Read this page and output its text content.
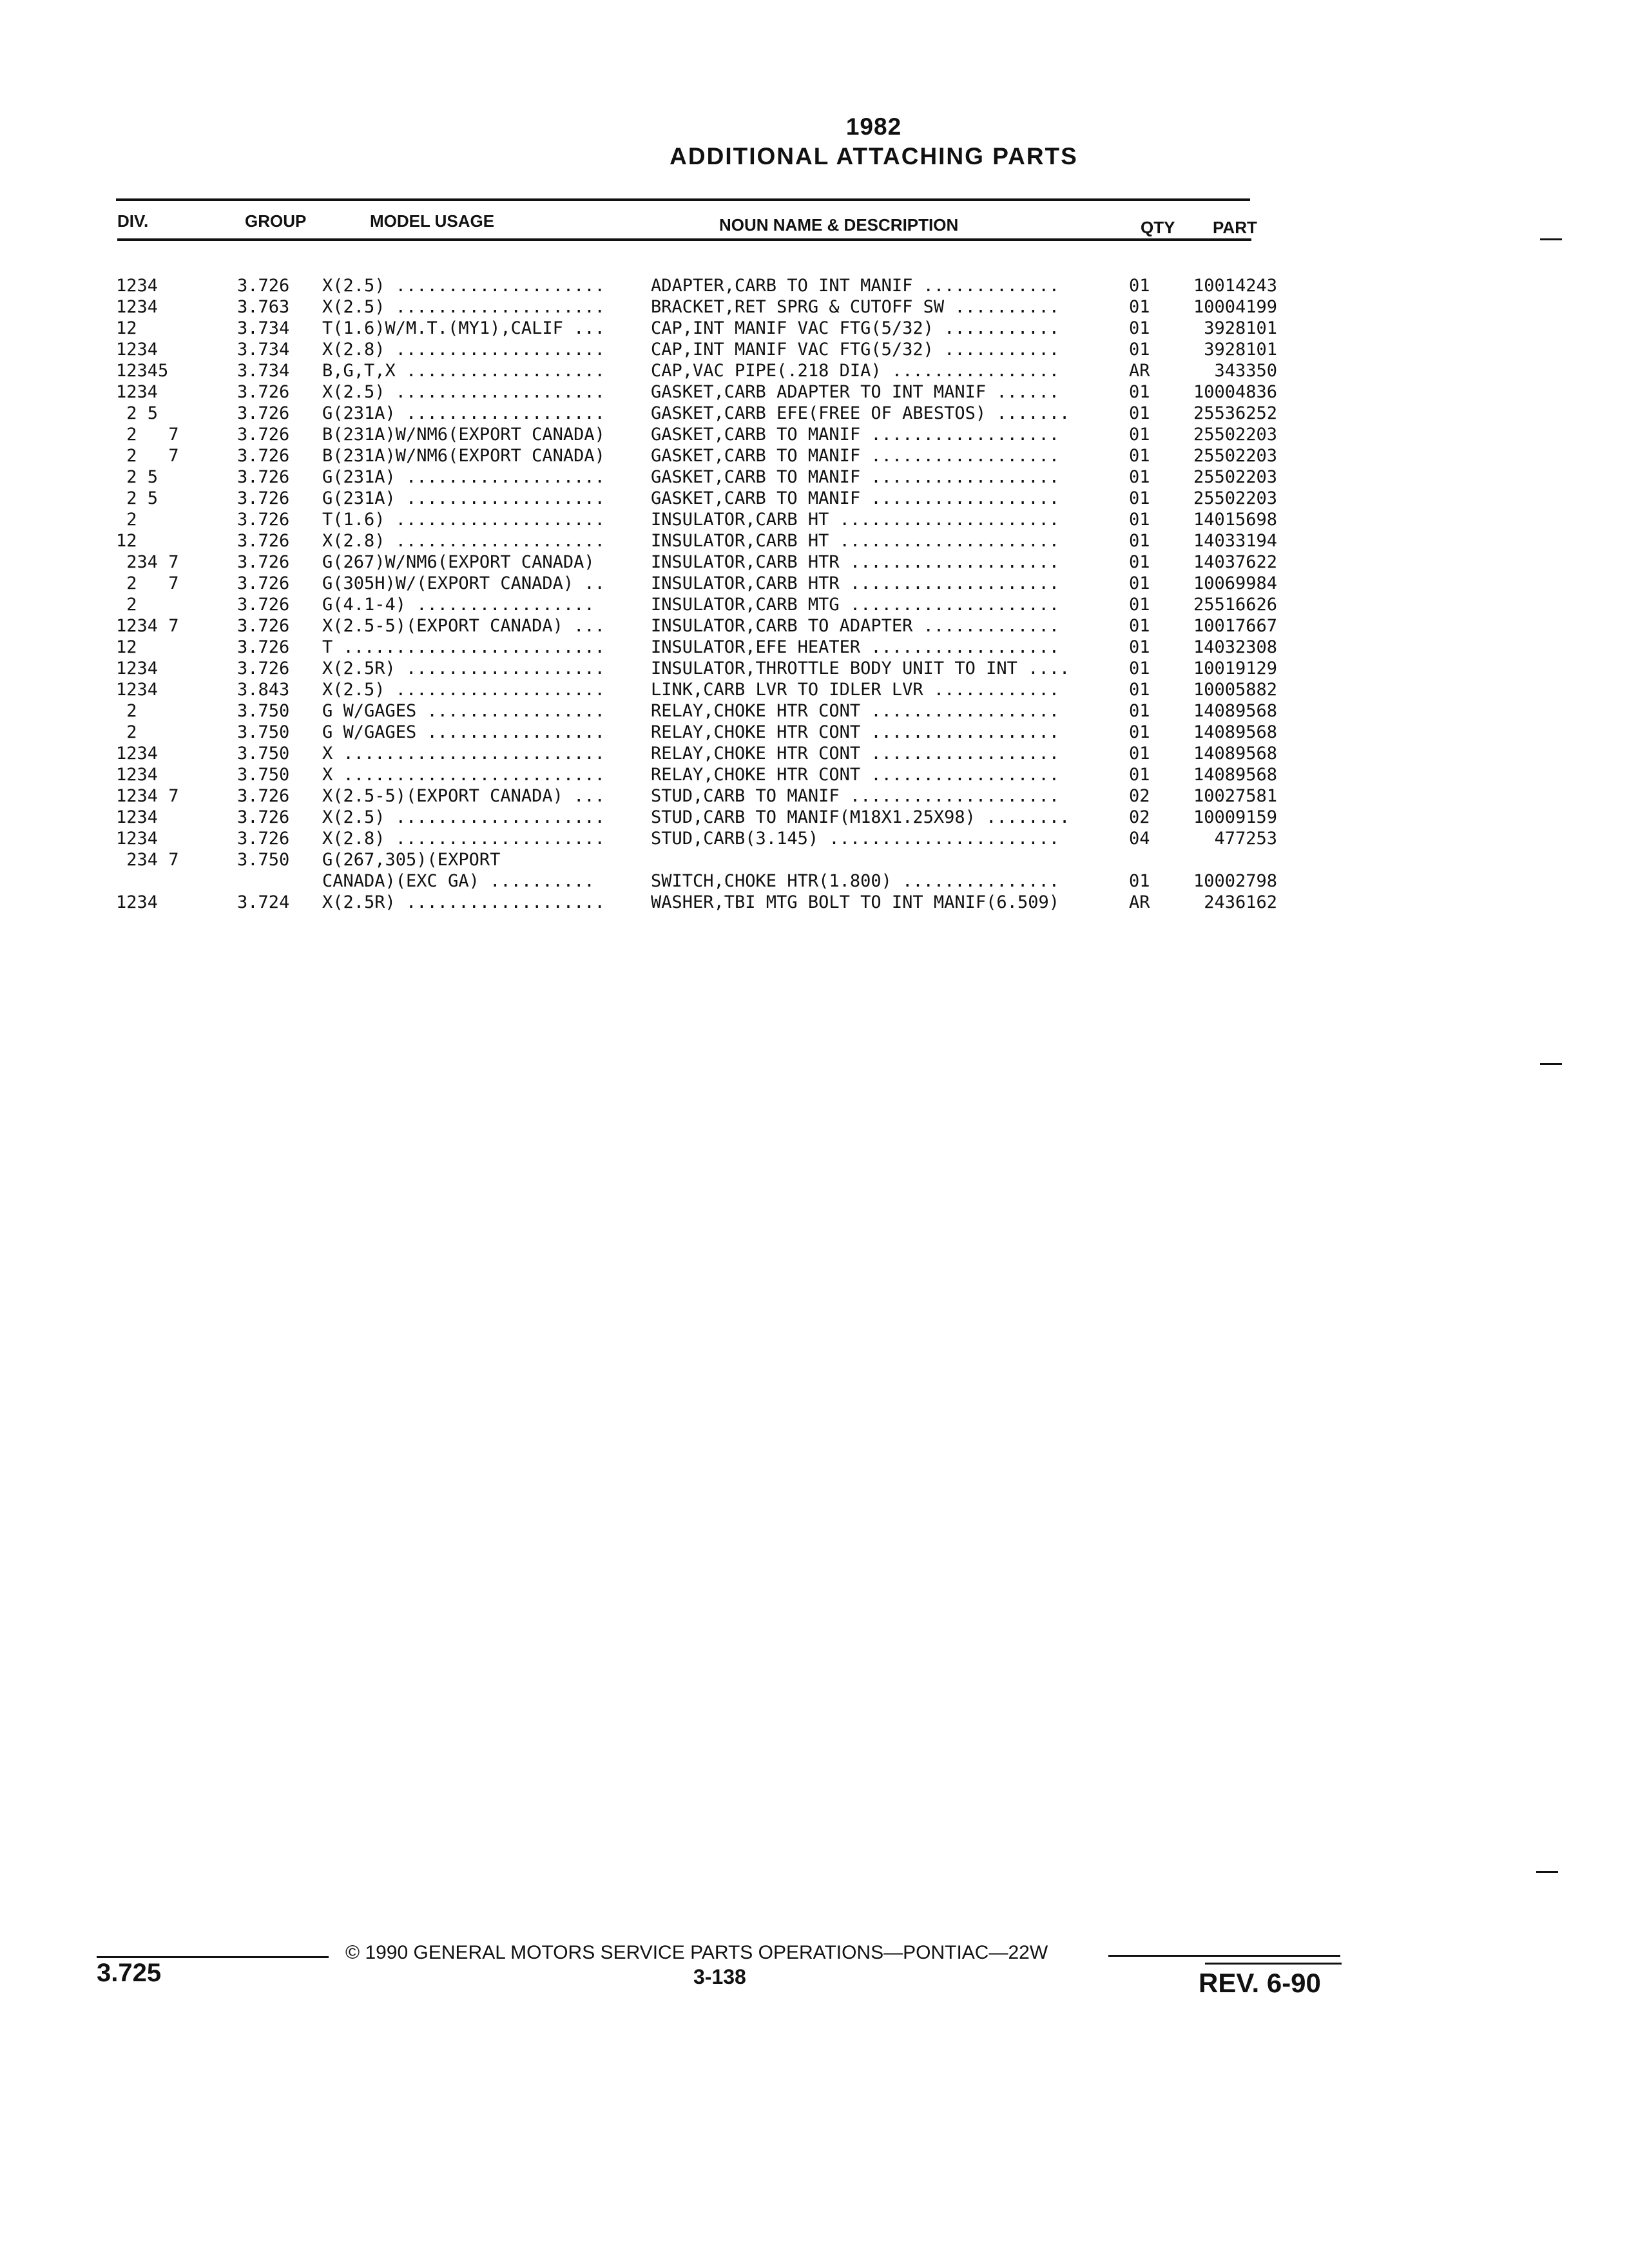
1982
ADDITIONAL ATTACHING PARTS
DIV.	GROUP	MODEL USAGE	NOUN NAME & DESCRIPTION	QTY PART
1234	3.726 X(2.5) ....................	ADAPTER,CARB TO INT MANIF .............	01	10014243
1234	3.763 X(2.5) ....................	BRACKET,RET SPRG & CUTOFF SW ..........	01	10004199
12	3.734 T(1.6)W/M.T.(MY1),CALIF ...	CAP,INT MANIF VAC FTG(5/32) ...........	01	3928101
1234	3.734 X(2.8) ....................	CAP,INT MANIF VAC FTG(5/32) ...........	01	3928101
12345	3.734 B,G,T,X ...................	CAP,VAC PIPE(.218 DIA) ................	AR	343350
1234	3.726 X(2.5) ....................	GASKET,CARB ADAPTER TO INT MANIF ......	01	10004836
2 5	3.726 G(231A) ...................	GASKET,CARB EFE(FREE OF ABESTOS) .......	01	25536252
2   7	3.726 B(231A)W/NM6(EXPORT CANADA)	GASKET,CARB TO MANIF ..................	01	25502203
2   7	3.726 B(231A)W/NM6(EXPORT CANADA)	GASKET,CARB TO MANIF ..................	01	25502203
2 5	3.726 G(231A) ...................	GASKET,CARB TO MANIF ..................	01	25502203
2 5	3.726 G(231A) ...................	GASKET,CARB TO MANIF ..................	01	25502203
2	3.726 T(1.6) ....................	INSULATOR,CARB HT .....................	01	14015698
12	3.726 X(2.8) ....................	INSULATOR,CARB HT .....................	01	14033194
234 7	3.726 G(267)W/NM6(EXPORT CANADA)	INSULATOR,CARB HTR ....................	01	14037622
2   7	3.726 G(305H)W/(EXPORT CANADA) ..	INSULATOR,CARB HTR ....................	01	10069984
2	3.726 G(4.1-4) .................	INSULATOR,CARB MTG ....................	01	25516626
1234 7	3.726 X(2.5-5)(EXPORT CANADA) ...	INSULATOR,CARB TO ADAPTER .............	01	10017667
12	3.726 T .........................	INSULATOR,EFE HEATER ..................	01	14032308
1234	3.726 X(2.5R) ...................	INSULATOR,THROTTLE BODY UNIT TO INT ....	01	10019129
1234	3.843 X(2.5) ....................	LINK,CARB LVR TO IDLER LVR ............	01	10005882
2	3.750 G W/GAGES .................	RELAY,CHOKE HTR CONT ..................	01	14089568
2	3.750 G W/GAGES .................	RELAY,CHOKE HTR CONT ..................	01	14089568
1234	3.750 X .........................	RELAY,CHOKE HTR CONT ..................	01	14089568
1234	3.750 X .........................	RELAY,CHOKE HTR CONT ..................	01	14089568
1234 7	3.726 X(2.5-5)(EXPORT CANADA) ...	STUD,CARB TO MANIF ....................	02	10027581
1234	3.726 X(2.5) ....................	STUD,CARB TO MANIF(M18X1.25X98) ........	02	10009159
1234	3.726 X(2.8) ....................	STUD,CARB(3.145) ......................	04	477253
234 7	3.750 G(267,305)(EXPORT
CANADA)(EXC GA) ..........	SWITCH,CHOKE HTR(1.800) ...............	01	10002798
1234	3.724 X(2.5R) ...................	WASHER,TBI MTG BOLT TO INT MANIF(6.509)	AR	2436162
© 1990 GENERAL MOTORS SERVICE PARTS OPERATIONS—PONTIAC—22W
3.725	3-138	REV. 6-90
